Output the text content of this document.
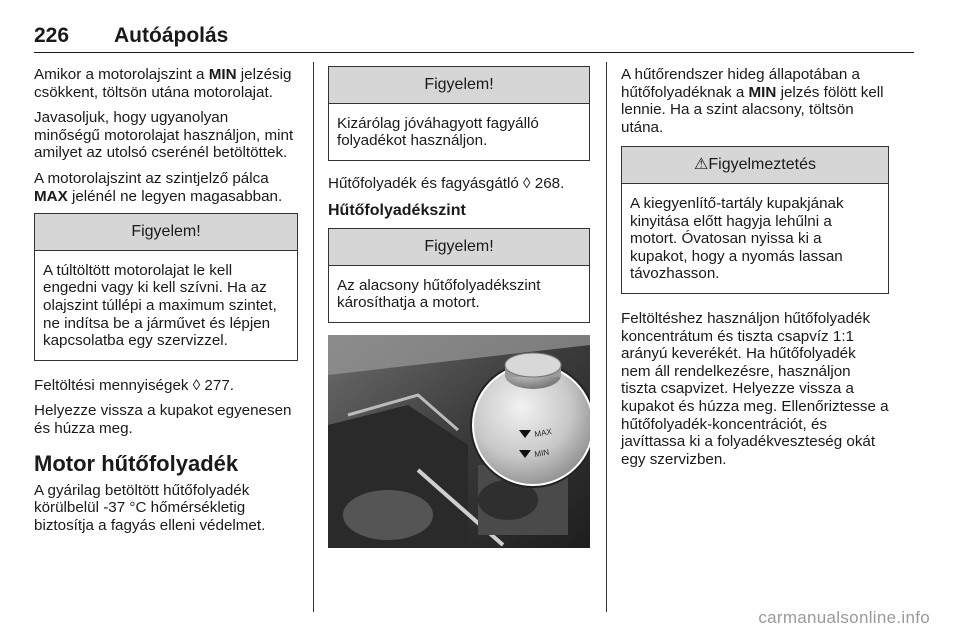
226 Autóápolás

Amikor a motorolajszint a MIN jelzésig csökkent, töltsön utána motorolajat.

Javasoljuk, hogy ugyanolyan minőségű motorolajat használjon, mint amilyet az utolsó cserénél betöltöttek.

A motorolajszint az szintjelző pálca MAX jelénél ne legyen magasabban.

Figyelem!
A túltöltött motorolajat le kell engedni vagy ki kell szívni. Ha az olajszint túllépi a maximum szintet, ne indítsa be a járművet és lépjen kapcsolatba egy szervizzel.

Feltöltési mennyiségek ◊ 277.

Helyezze vissza a kupakot egyenesen és húzza meg.

Motor hűtőfolyadék

A gyárilag betöltött hűtőfolyadék körülbelül -37 °C hőmérsékletig biztosítja a fagyás elleni védelmet.

Figyelem!
Kizárólag jóváhagyott fagyálló folyadékot használjon.

Hűtőfolyadék és fagyásgátló ◊ 268.

Hűtőfolyadékszint
Figyelem!
Az alacsony hűtőfolyadékszint károsíthatja a motort.
MAX
MIN

A hűtőrendszer hideg állapotában a hűtőfolyadéknak a MIN jelzés fölött kell lennie. Ha a szint alacsony, töltsön utána.

⚠Figyelmeztetés
A kiegyenlítő-tartály kupakjának kinyitása előtt hagyja lehűlni a motort. Óvatosan nyissa ki a kupakot, hogy a nyomás lassan távozhasson.

Feltöltéshez használjon hűtőfolyadék koncentrátum és tiszta csapvíz 1:1 arányú keverékét. Ha hűtőfolyadék nem áll rendelkezésre, használjon tiszta csapvizet. Helyezze vissza a kupakot és húzza meg. Ellenőriztesse a hűtőfolyadék-koncentrációt, és javíttassa ki a folyadékveszteség okát egy szervizben.

carmanualsonline.info
